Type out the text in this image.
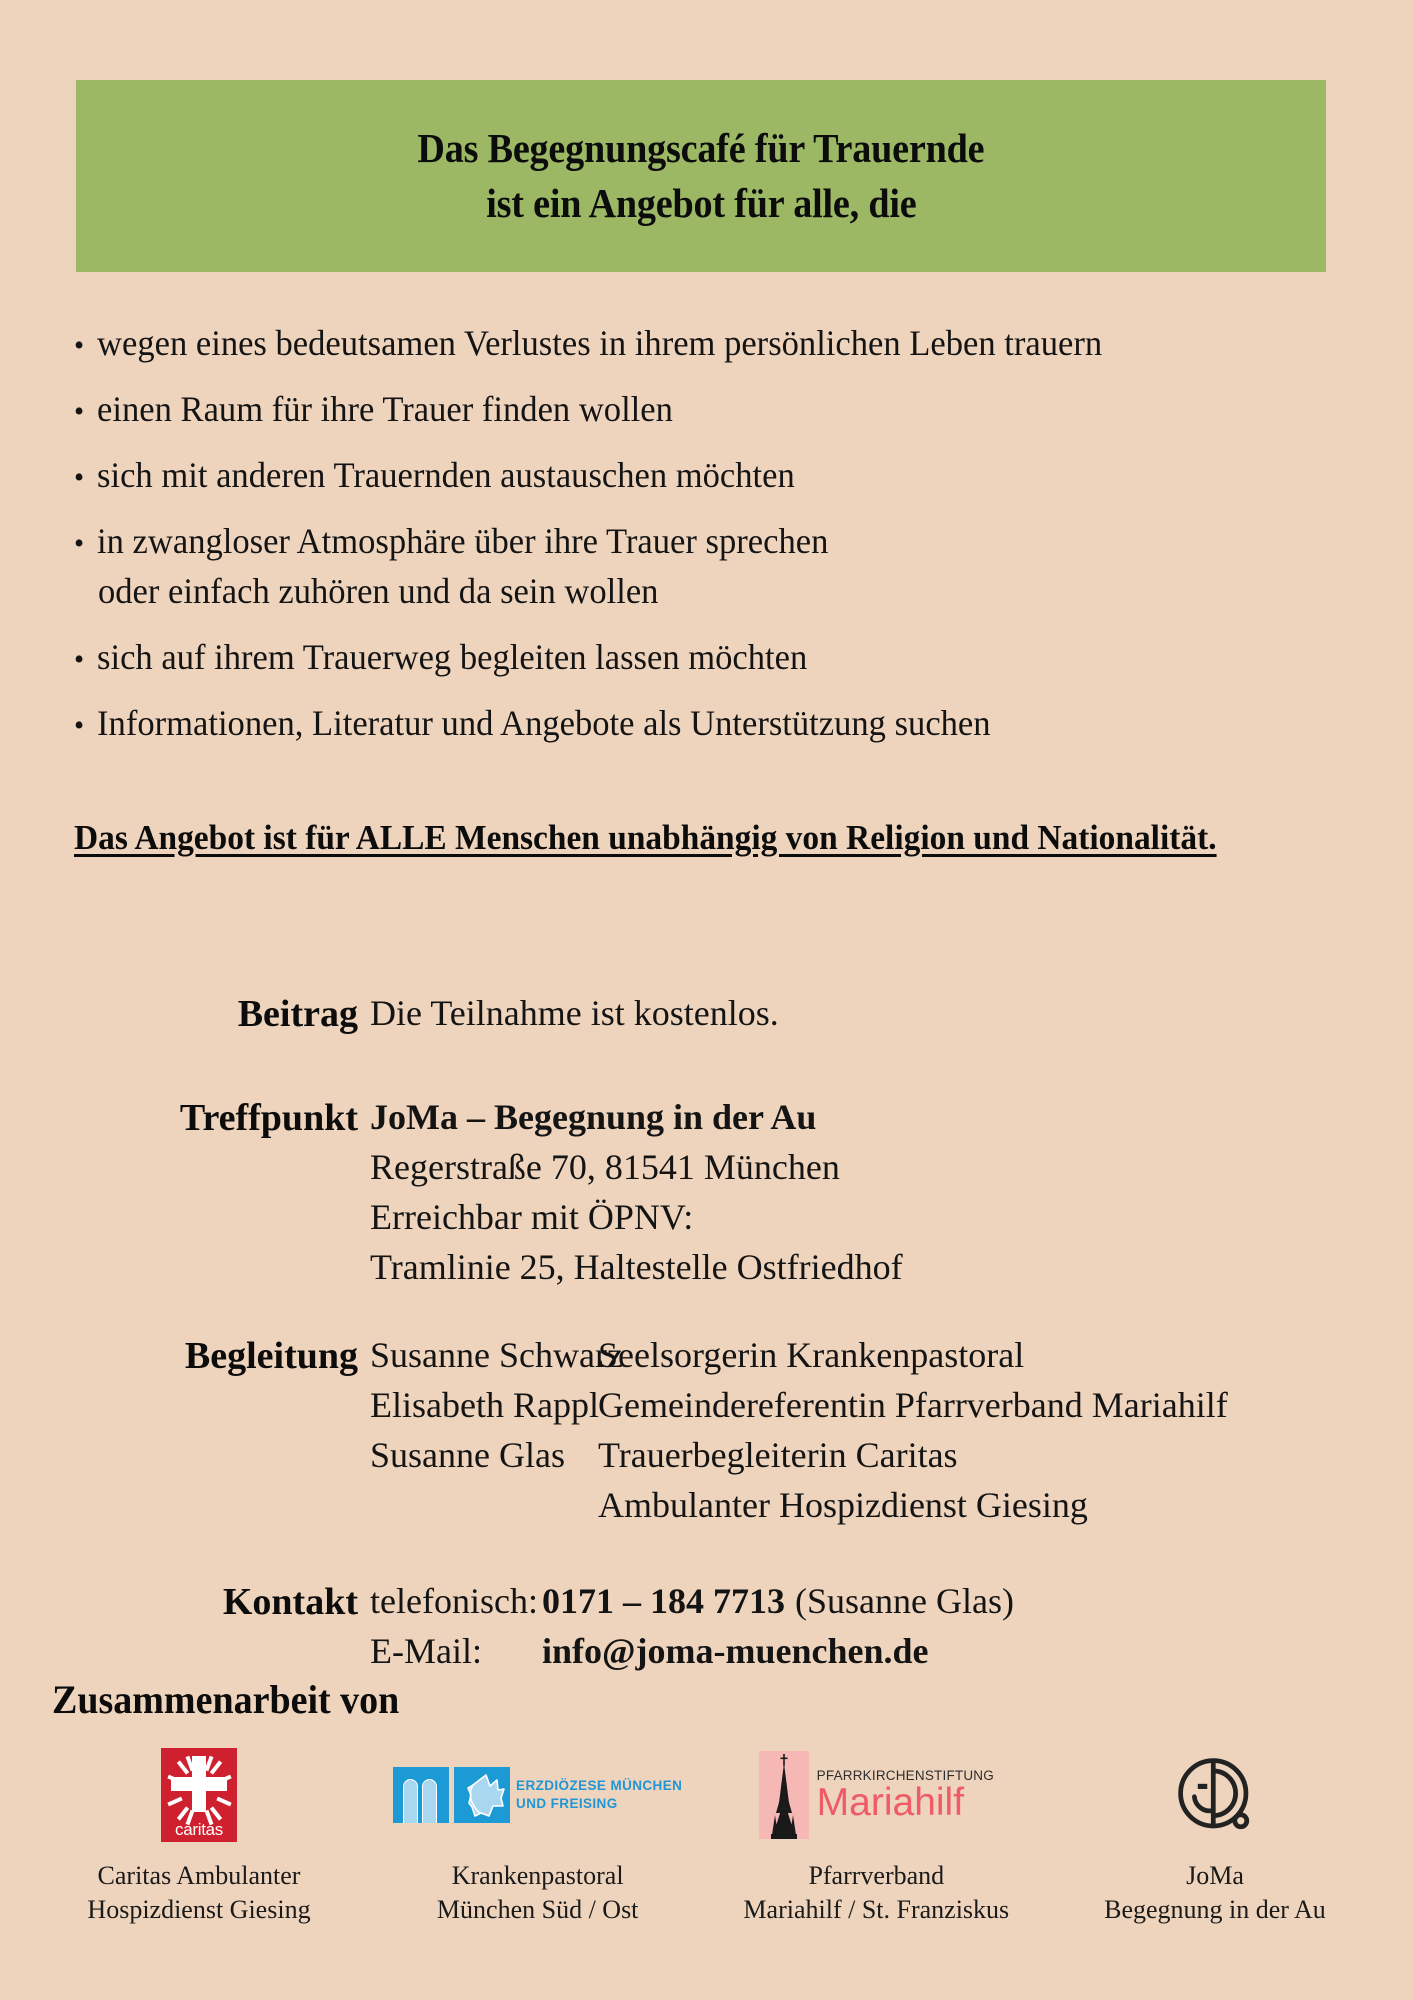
Das Begegnungscafé für Trauernde
ist ein Angebot für alle, die
• wegen eines bedeutsamen Verlustes in ihrem persönlichen Leben trauern
• einen Raum für ihre Trauer finden wollen
• sich mit anderen Trauernden austauschen möchten
• in zwangloser Atmosphäre über ihre Trauer sprechen
oder einfach zuhören und da sein wollen
• sich auf ihrem Trauerweg begleiten lassen möchten
• Informationen, Literatur und Angebote als Unterstützung suchen
Das Angebot ist für ALLE Menschen unabhängig von Religion und Nationalität.
Beitrag Die Teilnahme ist kostenlos.
Treffpunkt JoMa – Begegnung in der Au
Regerstraße 70, 81541 München
Erreichbar mit ÖPNV:
Tramlinie 25, Haltestelle Ostfriedhof
Begleitung Susanne SchwarzSeelsorgerin Krankenpastoral
Elisabeth RapplGemeindereferentin Pfarrverband Mariahilf
Susanne Glas Trauerbegleiterin Caritas
Ambulanter Hospizdienst Giesing
Kontakt telefonisch: 0171 – 184 7713 (Susanne Glas)
E-Mail: info@joma-muenchen.de
Zusammenarbeit von
caritas
Caritas Ambulanter
Hospizdienst Giesing
ERZDIÖZESE MÜNCHEN
UND FREISING
Krankenpastoral
München Süd / Ost
PFARRKIRCHENSTIFTUNG
Mariahilf
Pfarrverband
Mariahilf / St. Franziskus
JoMa
Begegnung in der Au
